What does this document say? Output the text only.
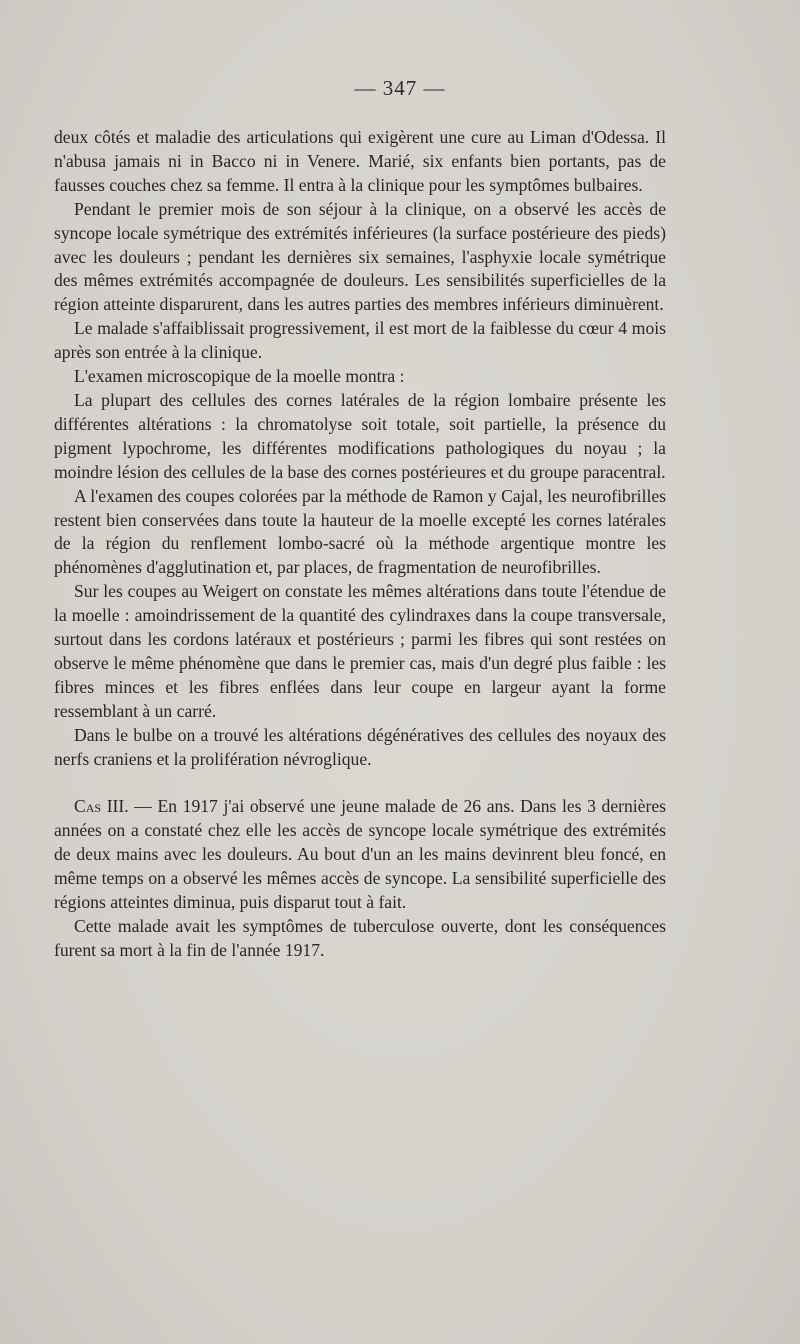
— 347 —

deux côtés et maladie des articulations qui exigèrent une cure au Liman d'Odessa. Il n'abusa jamais ni in Bacco ni in Venere. Marié, six enfants bien portants, pas de fausses couches chez sa femme. Il entra à la clinique pour les symptômes bulbaires.

Pendant le premier mois de son séjour à la clinique, on a observé les accès de syncope locale symétrique des extrémités inférieures (la surface postérieure des pieds) avec les douleurs ; pendant les dernières six semaines, l'asphyxie locale symétrique des mêmes extrémités accompagnée de douleurs. Les sensibilités superficielles de la région atteinte disparurent, dans les autres parties des membres inférieurs diminuèrent.

Le malade s'affaiblissait progressivement, il est mort de la faiblesse du cœur 4 mois après son entrée à la clinique.

L'examen microscopique de la moelle montra :

La plupart des cellules des cornes latérales de la région lombaire présente les différentes altérations : la chromatolyse soit totale, soit partielle, la présence du pigment lypochrome, les différentes modifications pathologiques du noyau ; la moindre lésion des cellules de la base des cornes postérieures et du groupe paracentral.

A l'examen des coupes colorées par la méthode de Ramon y Cajal, les neurofibrilles restent bien conservées dans toute la hauteur de la moelle excepté les cornes latérales de la région du renflement lombo-sacré où la méthode argentique montre les phénomènes d'agglutination et, par places, de fragmentation de neurofibrilles.

Sur les coupes au Weigert on constate les mêmes altérations dans toute l'étendue de la moelle : amoindrissement de la quantité des cylindraxes dans la coupe transversale, surtout dans les cordons latéraux et postérieurs ; parmi les fibres qui sont restées on observe le même phénomène que dans le premier cas, mais d'un degré plus faible : les fibres minces et les fibres enflées dans leur coupe en largeur ayant la forme ressemblant à un carré.

Dans le bulbe on a trouvé les altérations dégénératives des cellules des noyaux des nerfs craniens et la prolifération névroglique.

Cas III. — En 1917 j'ai observé une jeune malade de 26 ans. Dans les 3 dernières années on a constaté chez elle les accès de syncope locale symétrique des extrémités de deux mains avec les douleurs. Au bout d'un an les mains devinrent bleu foncé, en même temps on a observé les mêmes accès de syncope. La sensibilité superficielle des régions atteintes diminua, puis disparut tout à fait.

Cette malade avait les symptômes de tuberculose ouverte, dont les conséquences furent sa mort à la fin de l'année 1917.
